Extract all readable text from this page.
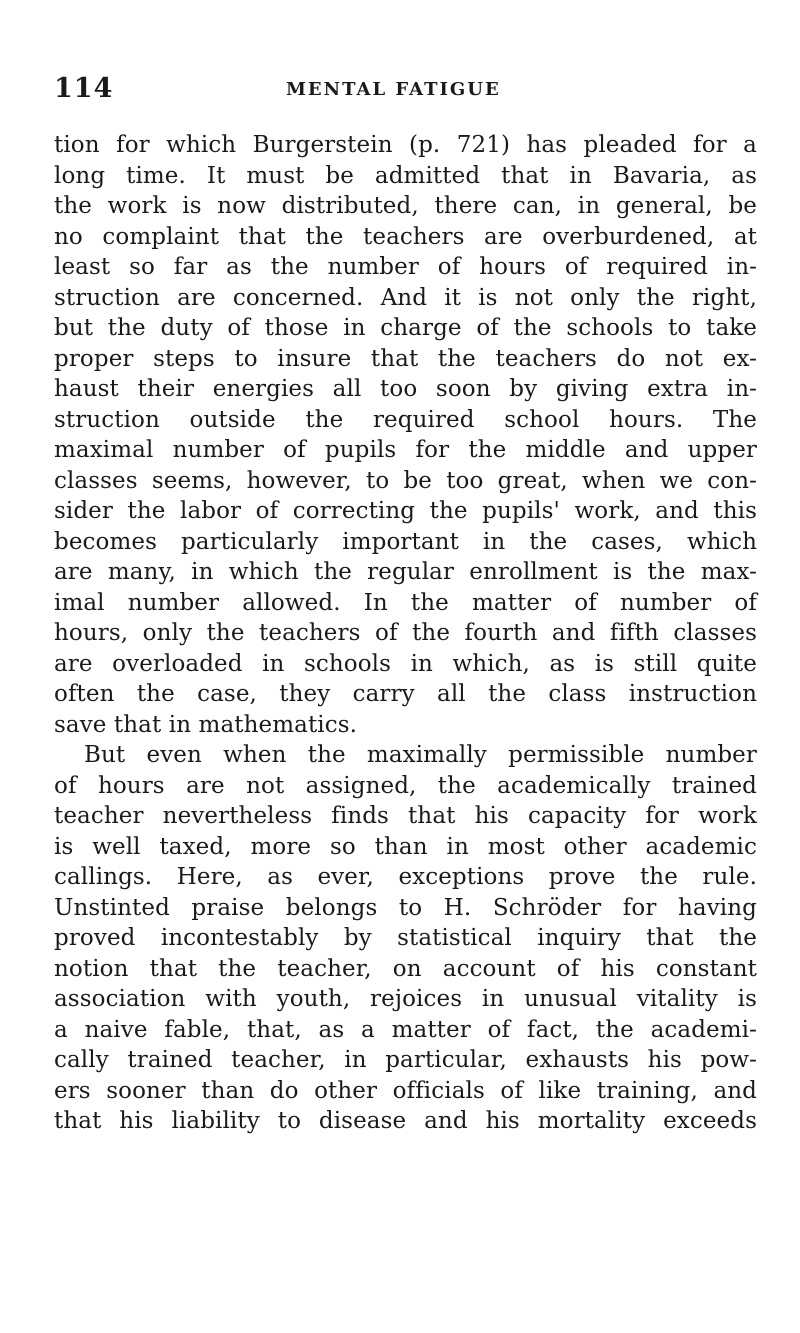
114	MENTAL FATIGUE
tion for which Burgerstein (p. 721) has pleaded for a
long time. It must be admitted that in Bavaria, as
the work is now distributed, there can, in general, be
no complaint that the teachers are overburdened, at
least so far as the number of hours of required in-
struction are concerned. And it is not only the right,
but the duty of those in charge of the schools to take
proper steps to insure that the teachers do not ex-
haust their energies all too soon by giving extra in-
struction outside the required school hours. The
maximal number of pupils for the middle and upper
classes seems, however, to be too great, when we con-
sider the labor of correcting the pupils' work, and this
becomes particularly important in the cases, which
are many, in which the regular enrollment is the max-
imal number allowed. In the matter of number of
hours, only the teachers of the fourth and fifth classes
are overloaded in schools in which, as is still quite
often the case, they carry all the class instruction
save that in mathematics.
But even when the maximally permissible number
of hours are not assigned, the academically trained
teacher nevertheless finds that his capacity for work
is well taxed, more so than in most other academic
callings. Here, as ever, exceptions prove the rule.
Unstinted praise belongs to H. Schröder for having
proved incontestably by statistical inquiry that the
notion that the teacher, on account of his constant
association with youth, rejoices in unusual vitality is
a naive fable, that, as a matter of fact, the academi-
cally trained teacher, in particular, exhausts his pow-
ers sooner than do other officials of like training, and
that his liability to disease and his mortality exceeds
